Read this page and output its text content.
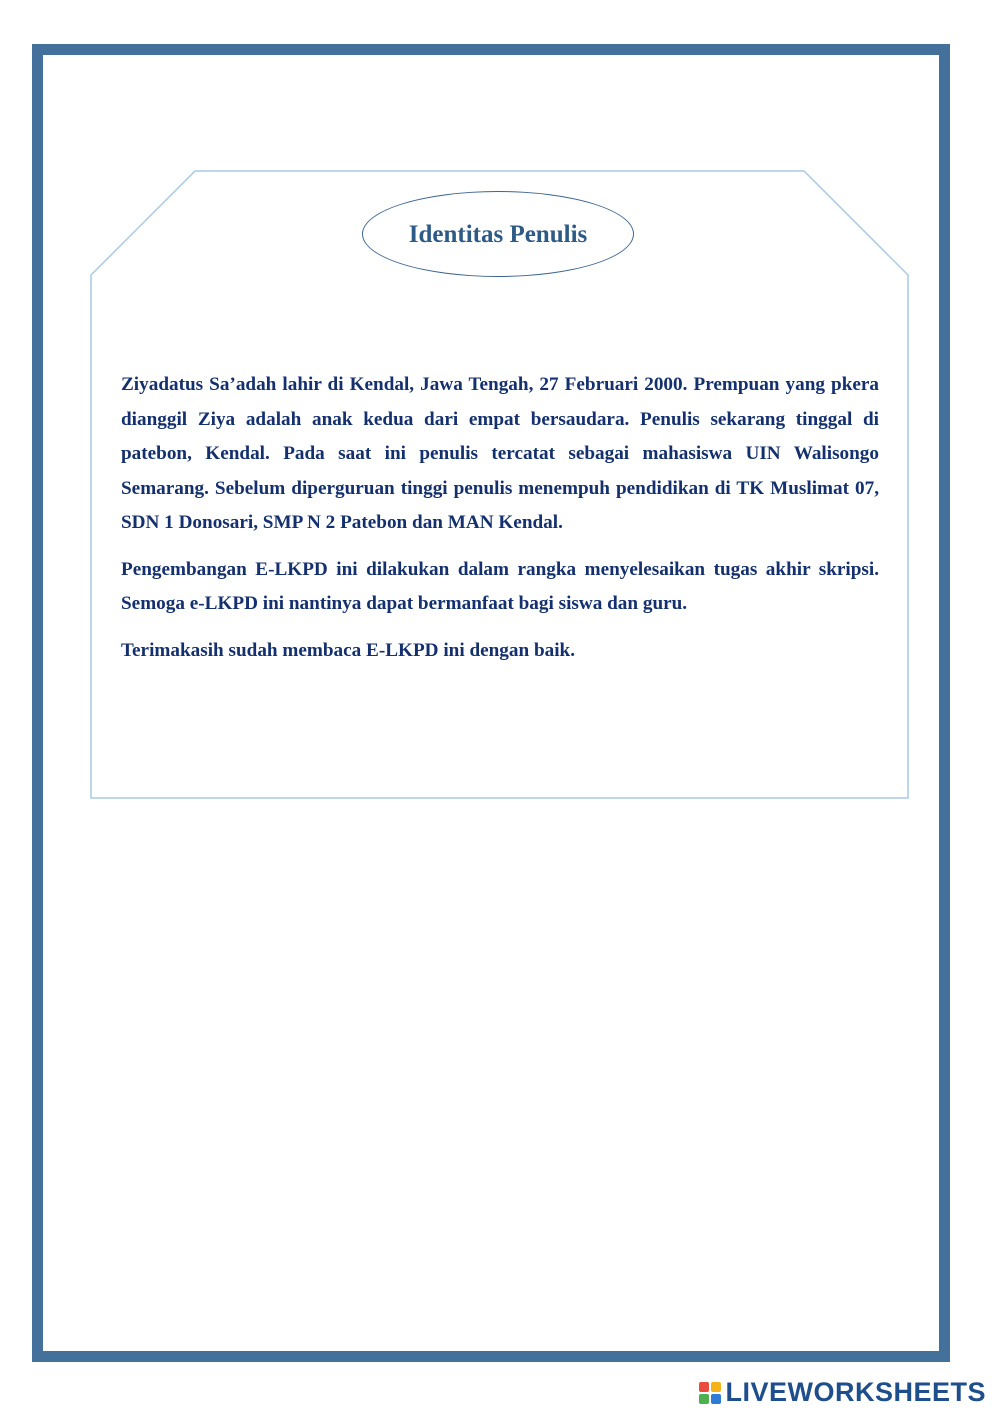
Identitas Penulis

Ziyadatus Sa’adah lahir di Kendal, Jawa Tengah, 27 Februari 2000. Prempuan yang pkera dianggil Ziya adalah anak kedua dari empat bersaudara. Penulis sekarang tinggal di patebon, Kendal. Pada saat ini penulis tercatat sebagai mahasiswa UIN Walisongo Semarang. Sebelum diperguruan tinggi penulis menempuh pendidikan di TK Muslimat 07, SDN 1 Donosari, SMP N 2 Patebon dan MAN Kendal.

Pengembangan E-LKPD ini dilakukan dalam rangka menyelesaikan tugas akhir skripsi. Semoga e-LKPD ini nantinya dapat bermanfaat bagi siswa dan guru.

Terimakasih sudah membaca E-LKPD ini dengan baik.

LIVEWORKSHEETS
